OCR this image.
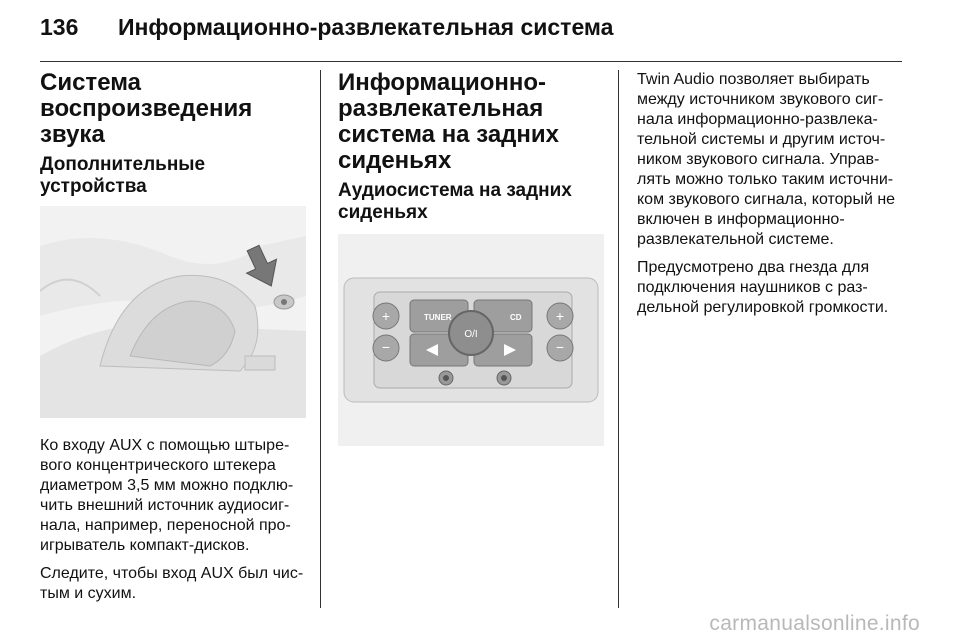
136	Информационно-развлекательная система
Система
воспроизведения звука
Дополнительные устройства
Ко входу AUX с помощью штыре-
вого концентрического штекера
диаметром 3,5 мм можно подклю-
чить внешний источник аудиосиг-
нала, например, переносной про-
игрыватель компакт-дисков.
Следите, чтобы вход AUX был чис-
тым и сухим.
Информационно-
развлекательная
система на задних
сиденьях
Аудиосистема на задних
сиденьях
+
−
+
−
TUNER	CD
O/I
Twin Audio позволяет выбирать
между источником звукового сиг-
нала информационно-развлека-
тельной системы и другим источ-
ником звукового сигнала. Управ-
лять можно только таким источни-
ком звукового сигнала, который не
включен в информационно-
развлекательной системе.
Предусмотрено два гнезда для
подключения наушников с раз-
дельной регулировкой громкости.
carmanualsonline.info
